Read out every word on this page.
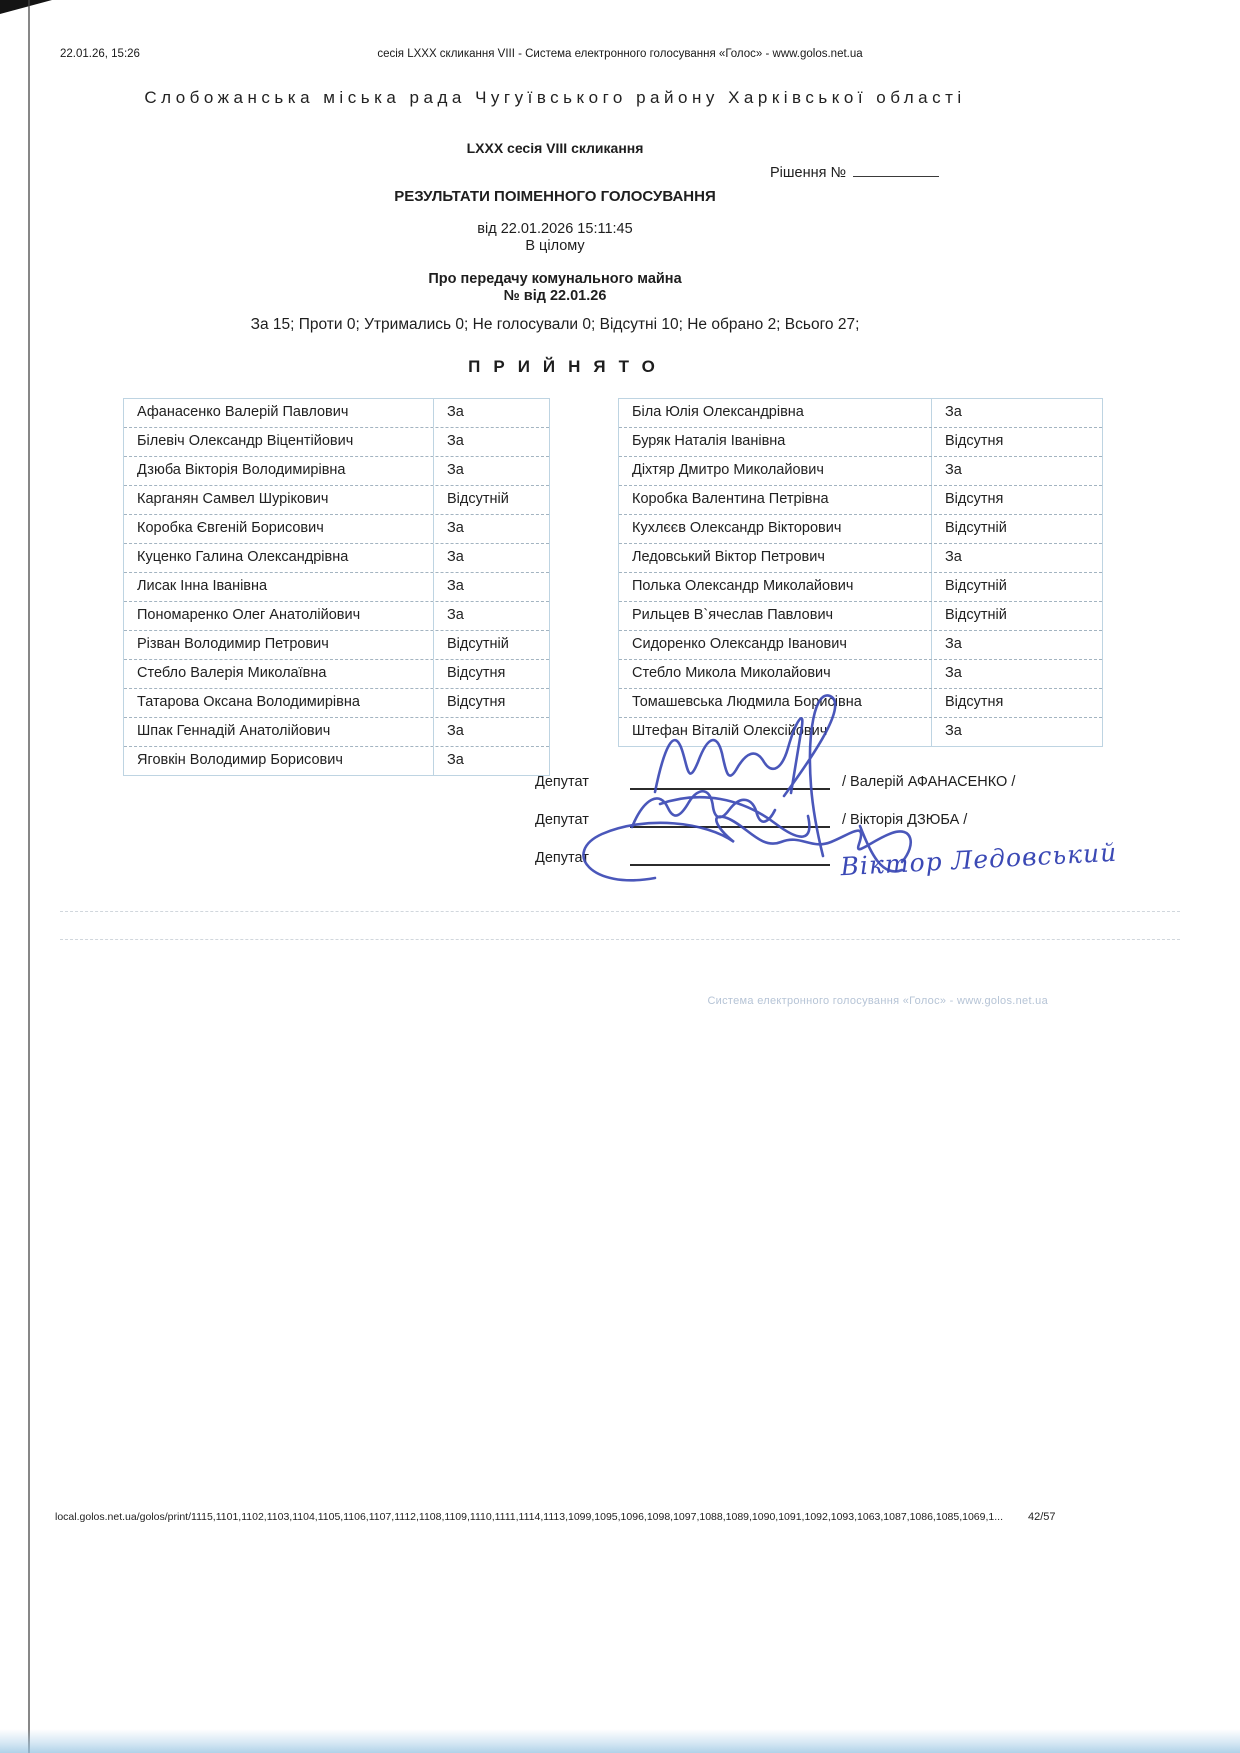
22.01.26, 15:26	сесія LXXX скликання VIII - Система електронного голосування «Голос» - www.golos.net.ua
Слобожанська міська рада Чугуївського району Харківської області
LXXX сесія VIII скликання
Рішення №
РЕЗУЛЬТАТИ ПОІМЕННОГО ГОЛОСУВАННЯ
від 22.01.2026 15:11:45
В цілому
Про передачу комунального майна
№ від 22.01.26
За 15; Проти 0; Утримались 0; Не голосували 0; Відсутні 10; Не обрано 2; Всього 27;
ПРИЙНЯТО
Афанасенко Валерій Павлович	За
Білевіч Олександр Віцентійович	За
Дзюба Вікторія Володимирівна	За
Карганян Самвел Шурікович	Відсутній
Коробка Євгеній Борисович	За
Куценко Галина Олександрівна	За
Лисак Інна Іванівна	За
Пономаренко Олег Анатолійович	За
Різван Володимир Петрович	Відсутній
Стебло Валерія Миколаївна	Відсутня
Татарова Оксана Володимирівна	Відсутня
Шпак Геннадій Анатолійович	За
Яговкін Володимир Борисович	За
Біла Юлія Олександрівна	За
Буряк Наталія Іванівна	Відсутня
Діхтяр Дмитро Миколайович	За
Коробка Валентина Петрівна	Відсутня
Кухлєєв Олександр Вікторович	Відсутній
Ледовський Віктор Петрович	За
Полька Олександр Миколайович	Відсутній
Рильцев В`ячеслав Павлович	Відсутній
Сидоренко Олександр Іванович	За
Стебло Микола Миколайович	За
Томашевська Людмила Борисівна	Відсутня
Штефан Віталій Олексійович	За
Депутат	/ Валерій АФАНАСЕНКО /
Депутат	/ Вікторія ДЗЮБА /
Депутат	Віктор Ледовський
Система електронного голосування «Голос» - www.golos.net.ua
local.golos.net.ua/golos/print/1115,1101,1102,1103,1104,1105,1106,1107,1112,1108,1109,1110,1111,1114,1113,1099,1095,1096,1098,1097,1088,1089,1090,1091,1092,1093,1063,1087,1086,1085,1069,1... 42/57
